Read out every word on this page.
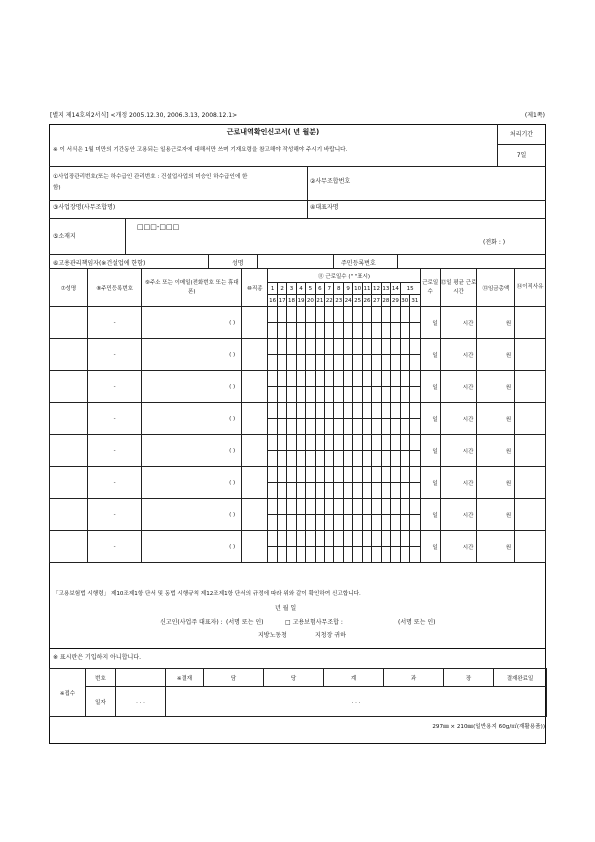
[별지 제14호의2서식] <개정 2005.12.30, 2006.3.13, 2008.12.1>	(제1쪽)
근로내역확인신고서( 년 월분)
※ 이 서식은 1월 미만의 기간동안 고용되는 일용근로자에 대해서만 쓰며 기재요령을 참고해야 작성해야 주시기 바랍니다.
처리기간
7일
①사업장관리번호(또는 하수급인 관리번호 : 건설업사업의 미승인 하수급인에 한함)
②사무조합번호
③사업장명(사무조합명)	④대표자명
⑤소재지
□□□-□□□
(전화 : )
⑥고용관리책임자(※건설업에 한함)	성명	주민등록번호
⑦성명	⑧주민등록번호	⑨주소 또는 이메일(전화번호 또는 휴대폰)	⑩직종	⑪ 근로일수 (" "표시)																근로일수	⑫일 평균 근로시간	⑬임금총액	⑭이직사유
				1	2	3	4	5	6	7	8	9	10	11	12	13	14	15					
				16	17	18	19	20	21	22	23	24	25	26	27	28	29	30	31				
	-	( )																		일	시간	원	
	-	( )																		일	시간	원	
	-	( )																		일	시간	원	
	-	( )																		일	시간	원	
	-	( )																		일	시간	원	
	-	( )																		일	시간	원	
	-	( )																		일	시간	원	
	-	( )																		일	시간	원	
「고용보험법 시행령」 제10조제1항 단서 및 동법 시행규칙 제12조제1항 단서의 규정에 따라 위와 같이 확인하여 신고합니다.
년 월 일
신고인(사업주 대표자) : (서명 또는 인)	□ 고용보험사무조합 :	(서명 또는 인)
지방노동청	지청장 귀하
※ 표시란은 기입하지 아니합니다.
※접수	번호		※결재	담	당	계	과	장	결재완료일
	일자	. . .	. . .						
297㎜ × 210㎜(일반용지 60g/㎡(재활용품))
